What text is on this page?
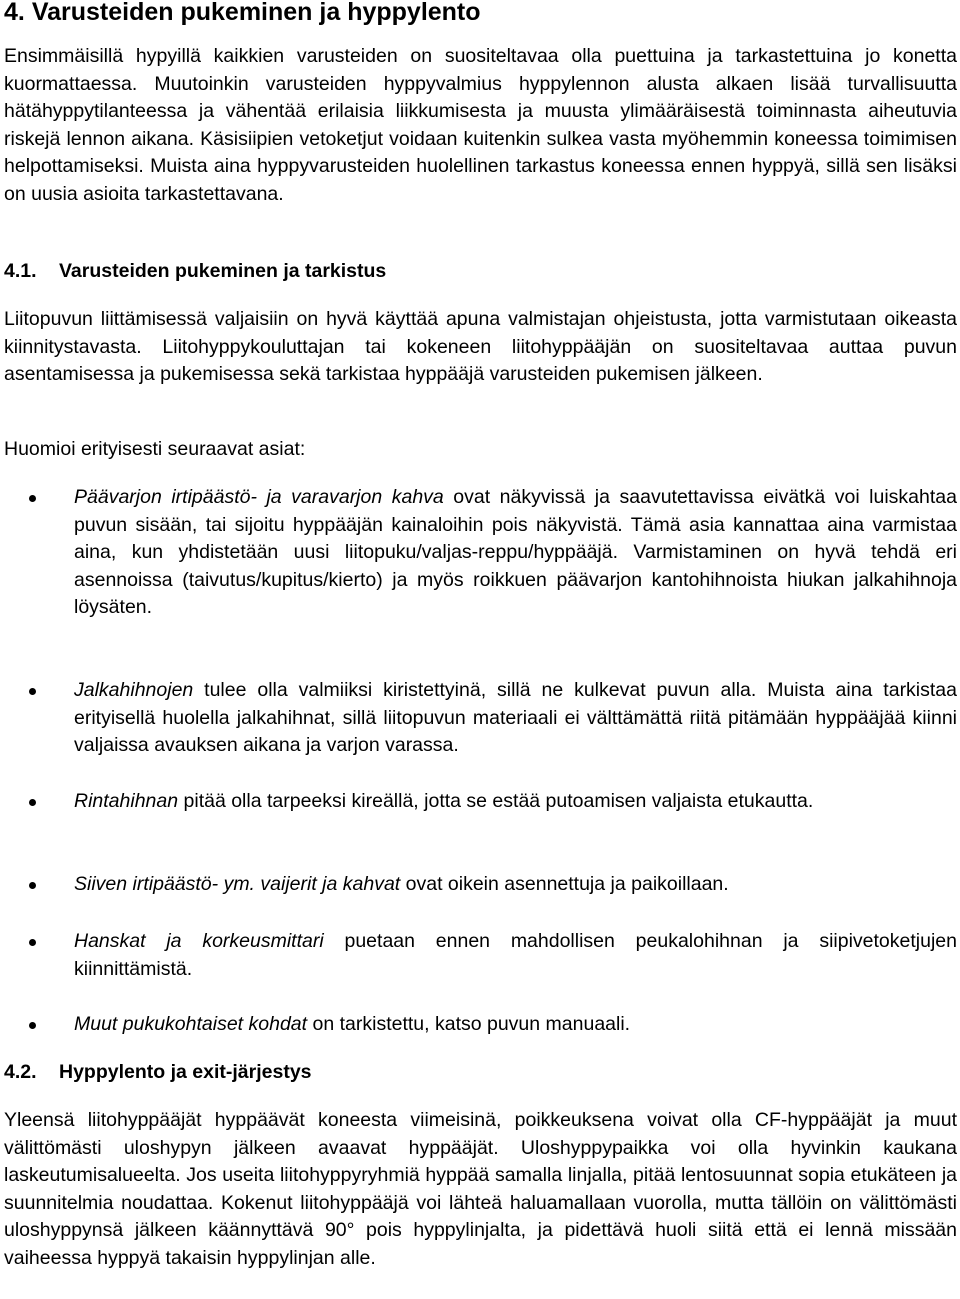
4. Varusteiden pukeminen ja hyppylento

Ensimmäisillä hypyillä kaikkien varusteiden on suositeltavaa olla puettuina ja tarkastettuina jo konetta kuormattaessa. Muutoinkin varusteiden hyppyvalmius hyppylennon alusta alkaen lisää turvallisuutta hätähyppytilanteessa ja vähentää erilaisia liikkumisesta ja muusta ylimääräisestä toiminnasta aiheutuvia riskejä lennon aikana. Käsisiipien vetoketjut voidaan kuitenkin sulkea vasta myöhemmin koneessa toimimisen helpottamiseksi. Muista aina hyppyvarusteiden huolellinen tarkastus koneessa ennen hyppyä, sillä sen lisäksi on uusia asioita tarkastettavana.

4.1. Varusteiden pukeminen ja tarkistus

Liitopuvun liittämisessä valjaisiin on hyvä käyttää apuna valmistajan ohjeistusta, jotta varmistutaan oikeasta kiinnitystavasta. Liitohyppykouluttajan tai kokeneen liitohyppääjän on suositeltavaa auttaa puvun asentamisessa ja pukemisessa sekä tarkistaa hyppääjä varusteiden pukemisen jälkeen.

Huomioi erityisesti seuraavat asiat:

Päävarjon irtipäästö- ja varavarjon kahva ovat näkyvissä ja saavutettavissa eivätkä voi luiskahtaa puvun sisään, tai sijoitu hyppääjän kainaloihin pois näkyvistä. Tämä asia kannattaa aina varmistaa aina, kun yhdistetään uusi liitopuku/valjas-reppu/hyppääjä. Varmistaminen on hyvä tehdä eri asennoissa (taivutus/kupitus/kierto) ja myös roikkuen päävarjon kantohihnoista hiukan jalkahihnoja löysäten.
Jalkahihnojen tulee olla valmiiksi kiristettyinä, sillä ne kulkevat puvun alla. Muista aina tarkistaa erityisellä huolella jalkahihnat, sillä liitopuvun materiaali ei välttämättä riitä pitämään hyppääjää kiinni valjaissa avauksen aikana ja varjon varassa.
Rintahihnan pitää olla tarpeeksi kireällä, jotta se estää putoamisen valjaista etukautta.
Siiven irtipäästö- ym. vaijerit ja kahvat ovat oikein asennettuja ja paikoillaan.
Hanskat ja korkeusmittari puetaan ennen mahdollisen peukalohihnan ja siipivetoketjujen kiinnittämistä.
Muut pukukohtaiset kohdat on tarkistettu, katso puvun manuaali.
4.2. Hyppylento ja exit-järjestys

Yleensä liitohyppääjät hyppäävät koneesta viimeisinä, poikkeuksena voivat olla CF-hyppääjät ja muut välittömästi uloshypyn jälkeen avaavat hyppääjät. Uloshyppypaikka voi olla hyvinkin kaukana laskeutumisalueelta. Jos useita liitohyppyryhmiä hyppää samalla linjalla, pitää lentosuunnat sopia etukäteen ja suunnitelmia noudattaa. Kokenut liitohyppääjä voi lähteä haluamallaan vuorolla, mutta tällöin on välittömästi uloshyppynsä jälkeen käännyttävä 90° pois hyppylinjalta, ja pidettävä huoli siitä että ei lennä missään vaiheessa hyppyä takaisin hyppylinjan alle.
